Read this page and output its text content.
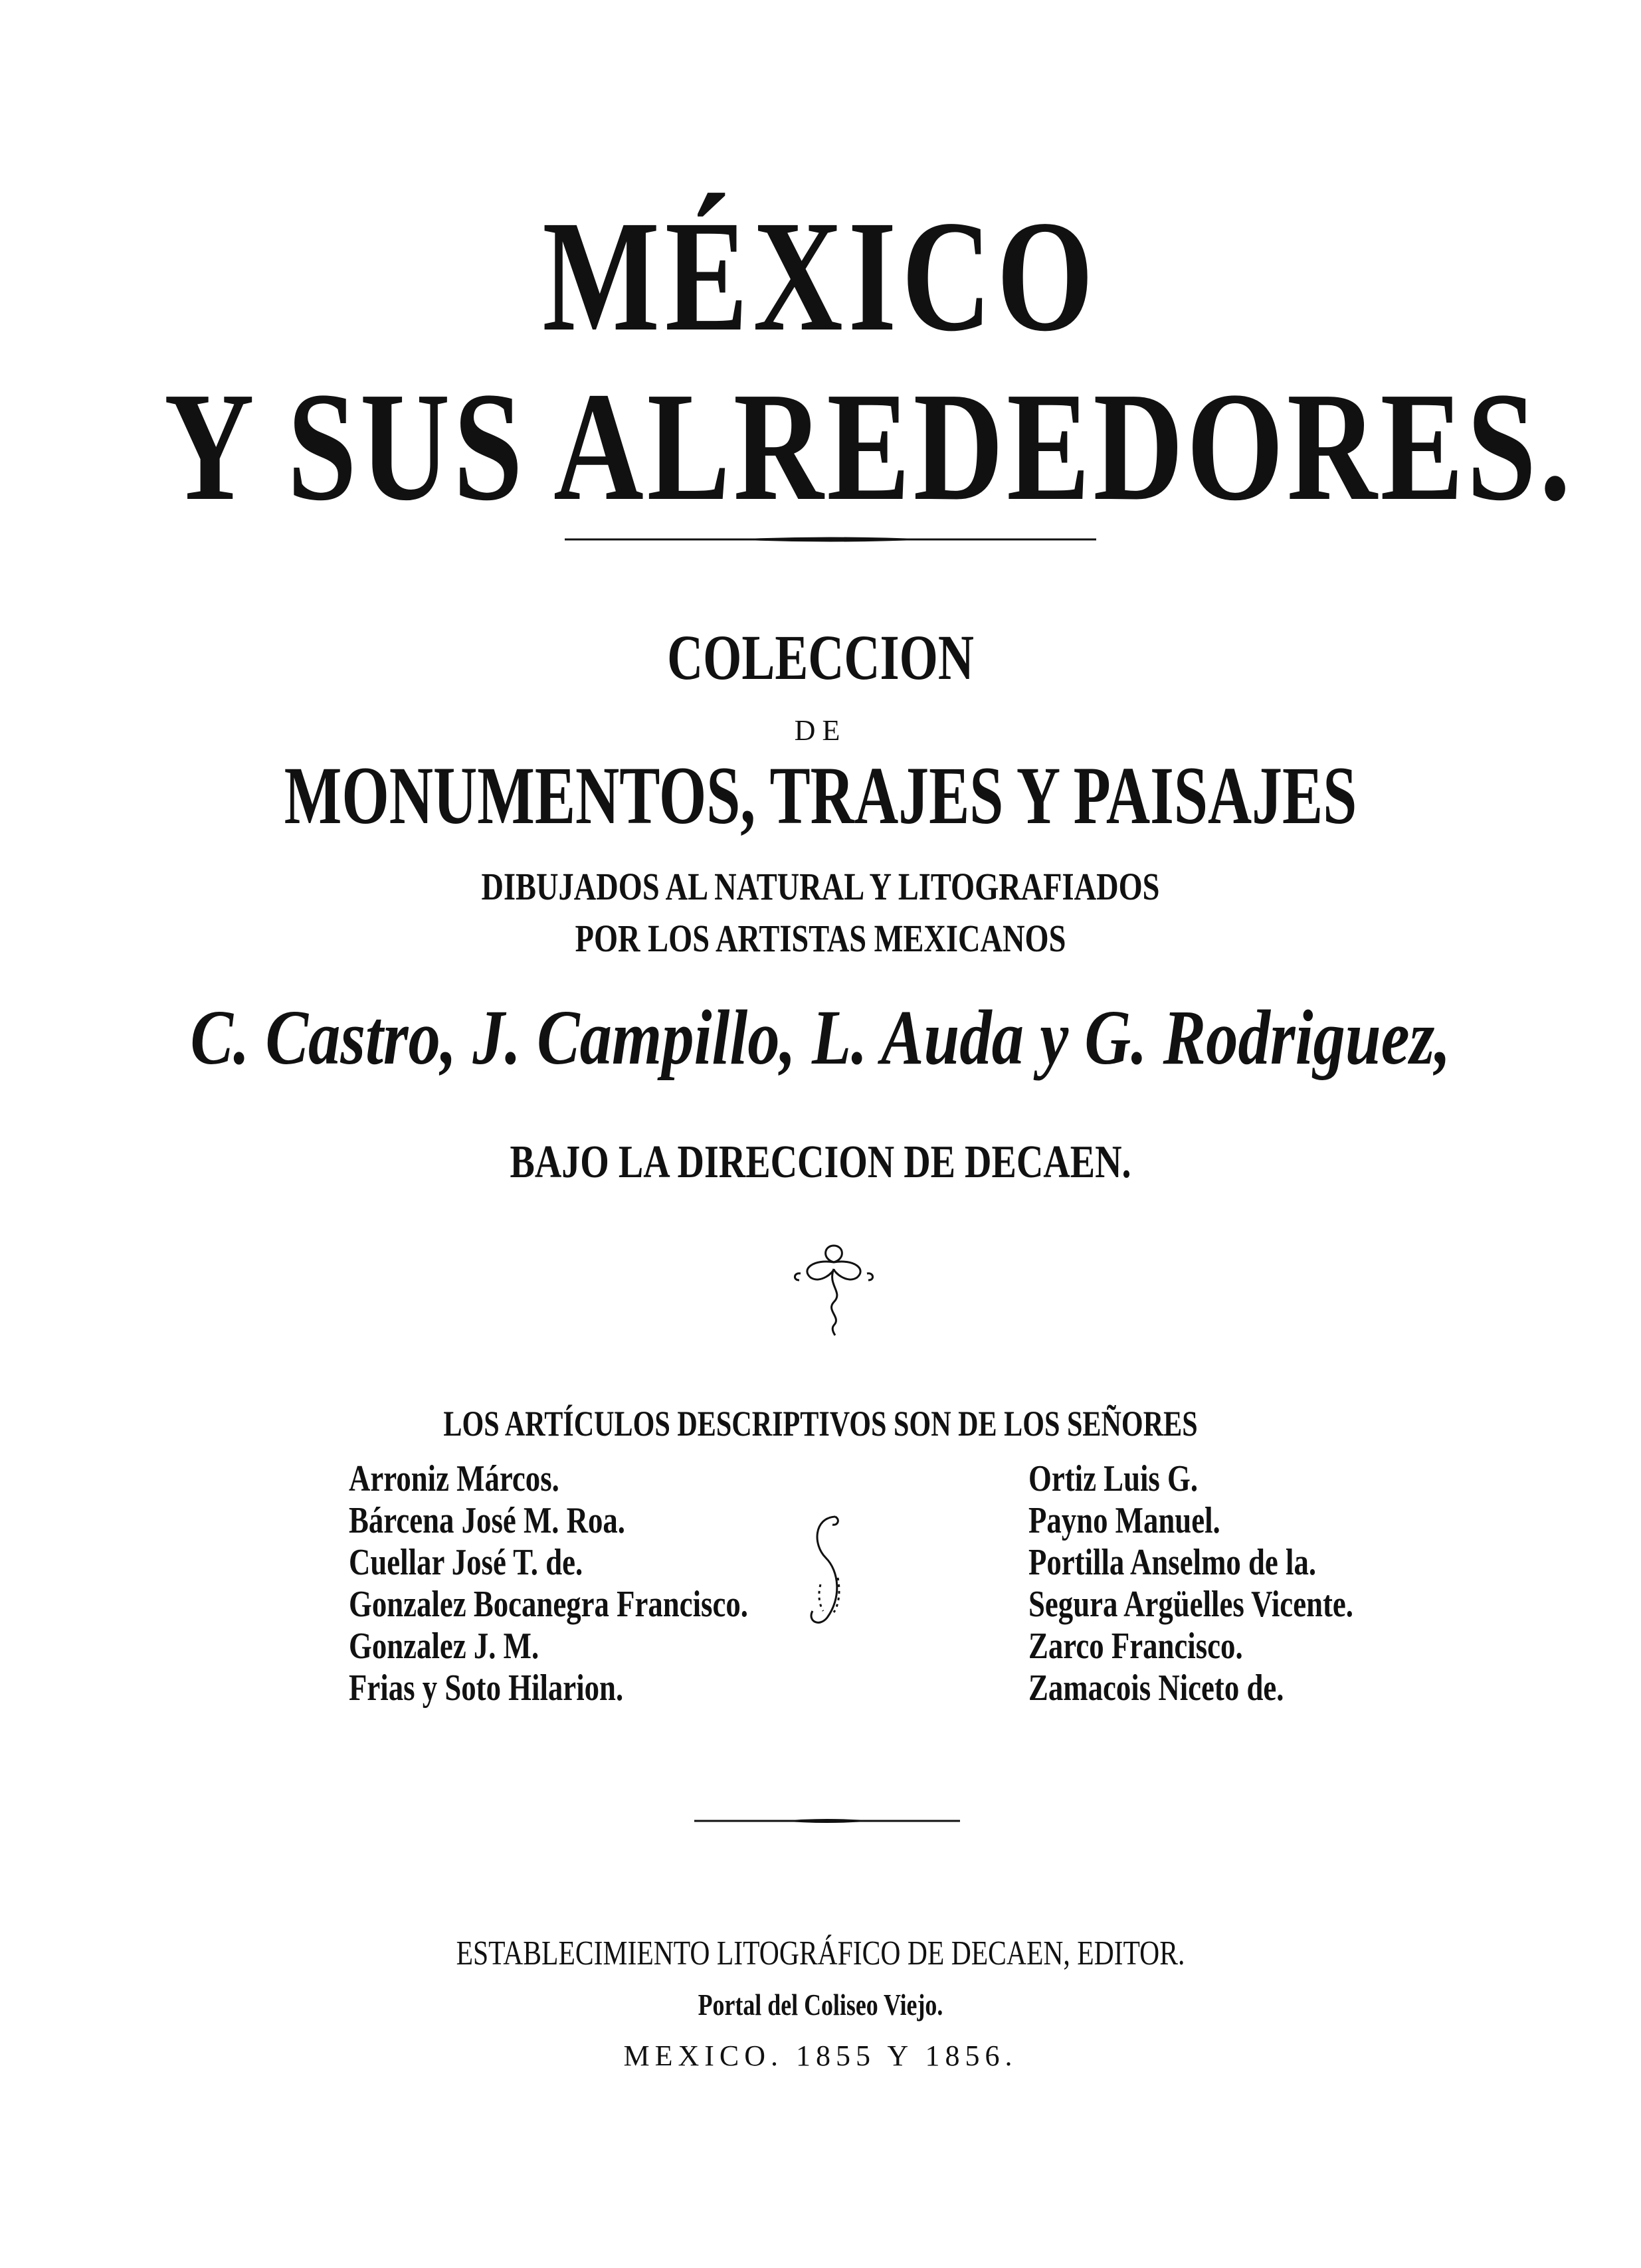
MÉXICO
Y SUS ALREDEDORES.
COLECCION
DE
MONUMENTOS, TRAJES Y PAISAJES
DIBUJADOS AL NATURAL Y LITOGRAFIADOS
POR LOS ARTISTAS MEXICANOS
C. Castro, J. Campillo, L. Auda y G. Rodriguez,
BAJO LA DIRECCION DE DECAEN.
LOS ARTÍCULOS DESCRIPTIVOS SON DE LOS SEÑORES
Arroniz Márcos.
Bárcena José M. Roa.
Cuellar José T. de.
Gonzalez Bocanegra Francisco.
Gonzalez J. M.
Frias y Soto Hilarion.
Ortiz Luis G.
Payno Manuel.
Portilla Anselmo de la.
Segura Argüelles Vicente.
Zarco Francisco.
Zamacois Niceto de.
ESTABLECIMIENTO LITOGRÁFICO DE DECAEN, EDITOR.
Portal del Coliseo Viejo.
MEXICO. 1855 Y 1856.
